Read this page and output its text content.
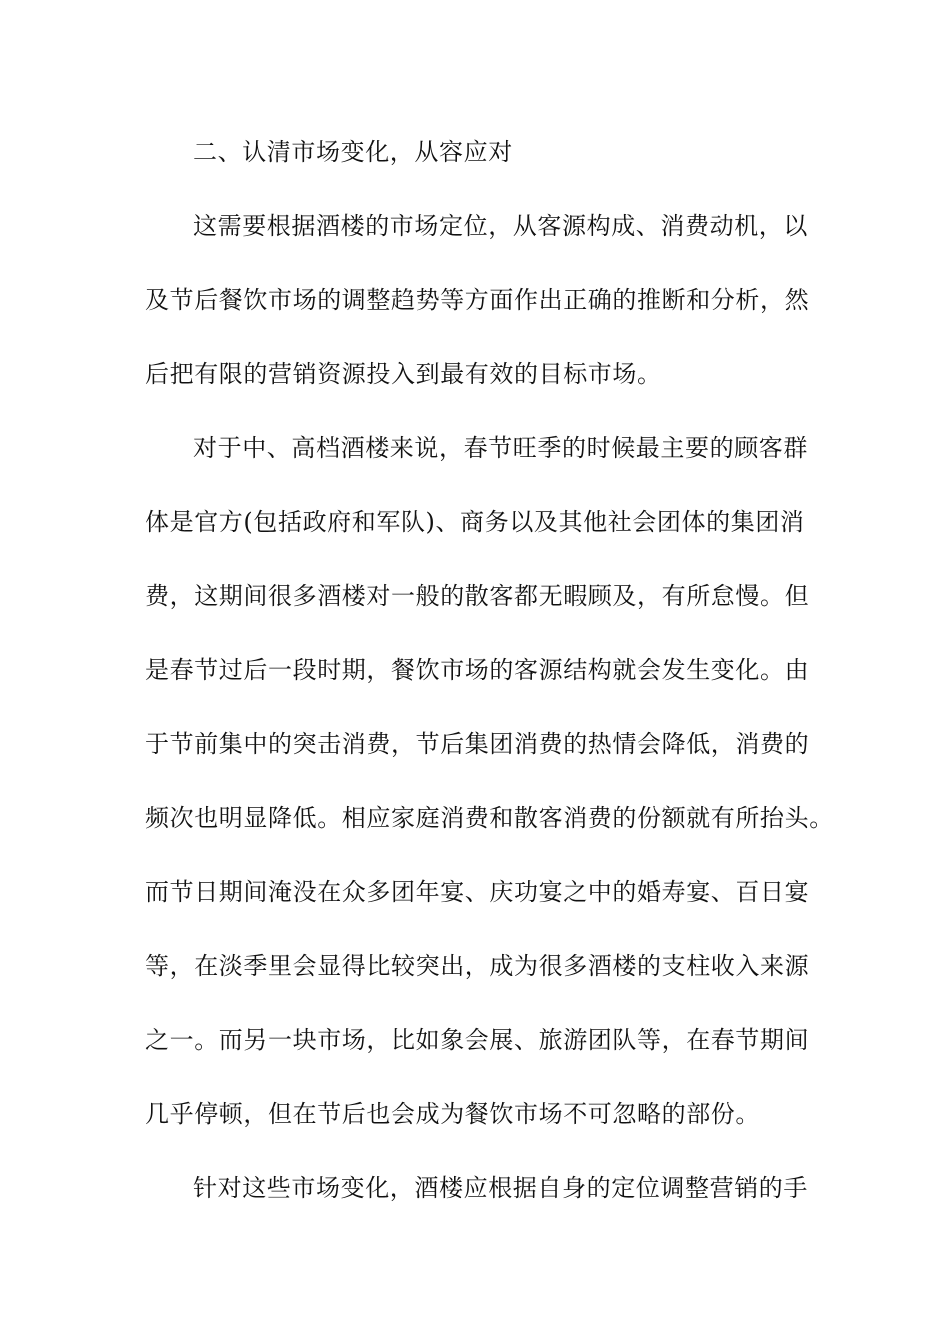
二、认清市场变化，从容应对
这需要根据酒楼的市场定位，从客源构成、消费动机，以
及节后餐饮市场的调整趋势等方面作出正确的推断和分析，然
后把有限的营销资源投入到最有效的目标市场。
对于中、高档酒楼来说，春节旺季的时候最主要的顾客群
体是官方(包括政府和军队)、商务以及其他社会团体的集团消
费，这期间很多酒楼对一般的散客都无暇顾及，有所怠慢。但
是春节过后一段时期，餐饮市场的客源结构就会发生变化。由
于节前集中的突击消费，节后集团消费的热情会降低，消费的
频次也明显降低。相应家庭消费和散客消费的份额就有所抬头。
而节日期间淹没在众多团年宴、庆功宴之中的婚寿宴、百日宴
等，在淡季里会显得比较突出，成为很多酒楼的支柱收入来源
之一。而另一块市场，比如象会展、旅游团队等，在春节期间
几乎停顿，但在节后也会成为餐饮市场不可忽略的部份。
针对这些市场变化，酒楼应根据自身的定位调整营销的手
